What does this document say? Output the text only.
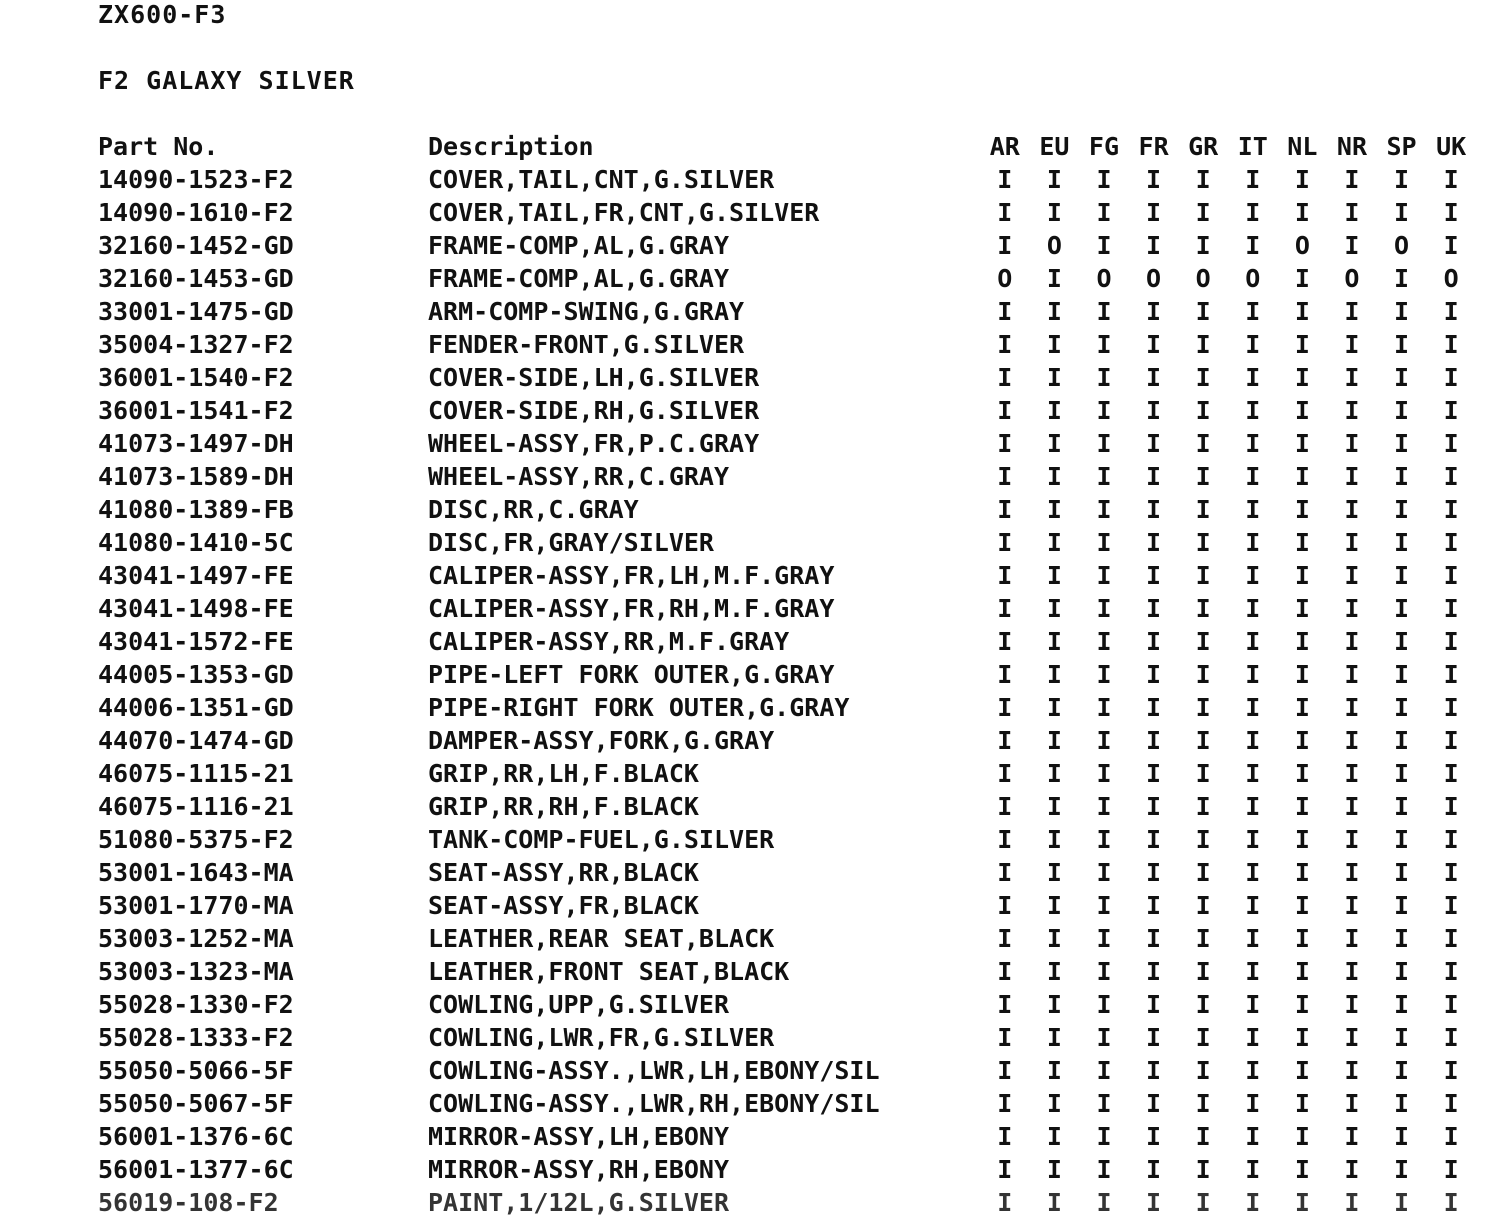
ZX600-F3
F2 GALAXY SILVER
Part No.	Description	AR	EU	FG	FR	GR	IT	NL	NR	SP	UK
14090-1523-F2	COVER,TAIL,CNT,G.SILVER	I	I	I	I	I	I	I	I	I	I
14090-1610-F2	COVER,TAIL,FR,CNT,G.SILVER	I	I	I	I	I	I	I	I	I	I
32160-1452-GD	FRAME-COMP,AL,G.GRAY	I	O	I	I	I	I	O	I	O	I
32160-1453-GD	FRAME-COMP,AL,G.GRAY	O	I	O	O	O	O	I	O	I	O
33001-1475-GD	ARM-COMP-SWING,G.GRAY	I	I	I	I	I	I	I	I	I	I
35004-1327-F2	FENDER-FRONT,G.SILVER	I	I	I	I	I	I	I	I	I	I
36001-1540-F2	COVER-SIDE,LH,G.SILVER	I	I	I	I	I	I	I	I	I	I
36001-1541-F2	COVER-SIDE,RH,G.SILVER	I	I	I	I	I	I	I	I	I	I
41073-1497-DH	WHEEL-ASSY,FR,P.C.GRAY	I	I	I	I	I	I	I	I	I	I
41073-1589-DH	WHEEL-ASSY,RR,C.GRAY	I	I	I	I	I	I	I	I	I	I
41080-1389-FB	DISC,RR,C.GRAY	I	I	I	I	I	I	I	I	I	I
41080-1410-5C	DISC,FR,GRAY/SILVER	I	I	I	I	I	I	I	I	I	I
43041-1497-FE	CALIPER-ASSY,FR,LH,M.F.GRAY	I	I	I	I	I	I	I	I	I	I
43041-1498-FE	CALIPER-ASSY,FR,RH,M.F.GRAY	I	I	I	I	I	I	I	I	I	I
43041-1572-FE	CALIPER-ASSY,RR,M.F.GRAY	I	I	I	I	I	I	I	I	I	I
44005-1353-GD	PIPE-LEFT FORK OUTER,G.GRAY	I	I	I	I	I	I	I	I	I	I
44006-1351-GD	PIPE-RIGHT FORK OUTER,G.GRAY	I	I	I	I	I	I	I	I	I	I
44070-1474-GD	DAMPER-ASSY,FORK,G.GRAY	I	I	I	I	I	I	I	I	I	I
46075-1115-21	GRIP,RR,LH,F.BLACK	I	I	I	I	I	I	I	I	I	I
46075-1116-21	GRIP,RR,RH,F.BLACK	I	I	I	I	I	I	I	I	I	I
51080-5375-F2	TANK-COMP-FUEL,G.SILVER	I	I	I	I	I	I	I	I	I	I
53001-1643-MA	SEAT-ASSY,RR,BLACK	I	I	I	I	I	I	I	I	I	I
53001-1770-MA	SEAT-ASSY,FR,BLACK	I	I	I	I	I	I	I	I	I	I
53003-1252-MA	LEATHER,REAR SEAT,BLACK	I	I	I	I	I	I	I	I	I	I
53003-1323-MA	LEATHER,FRONT SEAT,BLACK	I	I	I	I	I	I	I	I	I	I
55028-1330-F2	COWLING,UPP,G.SILVER	I	I	I	I	I	I	I	I	I	I
55028-1333-F2	COWLING,LWR,FR,G.SILVER	I	I	I	I	I	I	I	I	I	I
55050-5066-5F	COWLING-ASSY.,LWR,LH,EBONY/SIL	I	I	I	I	I	I	I	I	I	I
55050-5067-5F	COWLING-ASSY.,LWR,RH,EBONY/SIL	I	I	I	I	I	I	I	I	I	I
56001-1376-6C	MIRROR-ASSY,LH,EBONY	I	I	I	I	I	I	I	I	I	I
56001-1377-6C	MIRROR-ASSY,RH,EBONY	I	I	I	I	I	I	I	I	I	I
56019-108-F2	PAINT,1/12L,G.SILVER	I	I	I	I	I	I	I	I	I	I
